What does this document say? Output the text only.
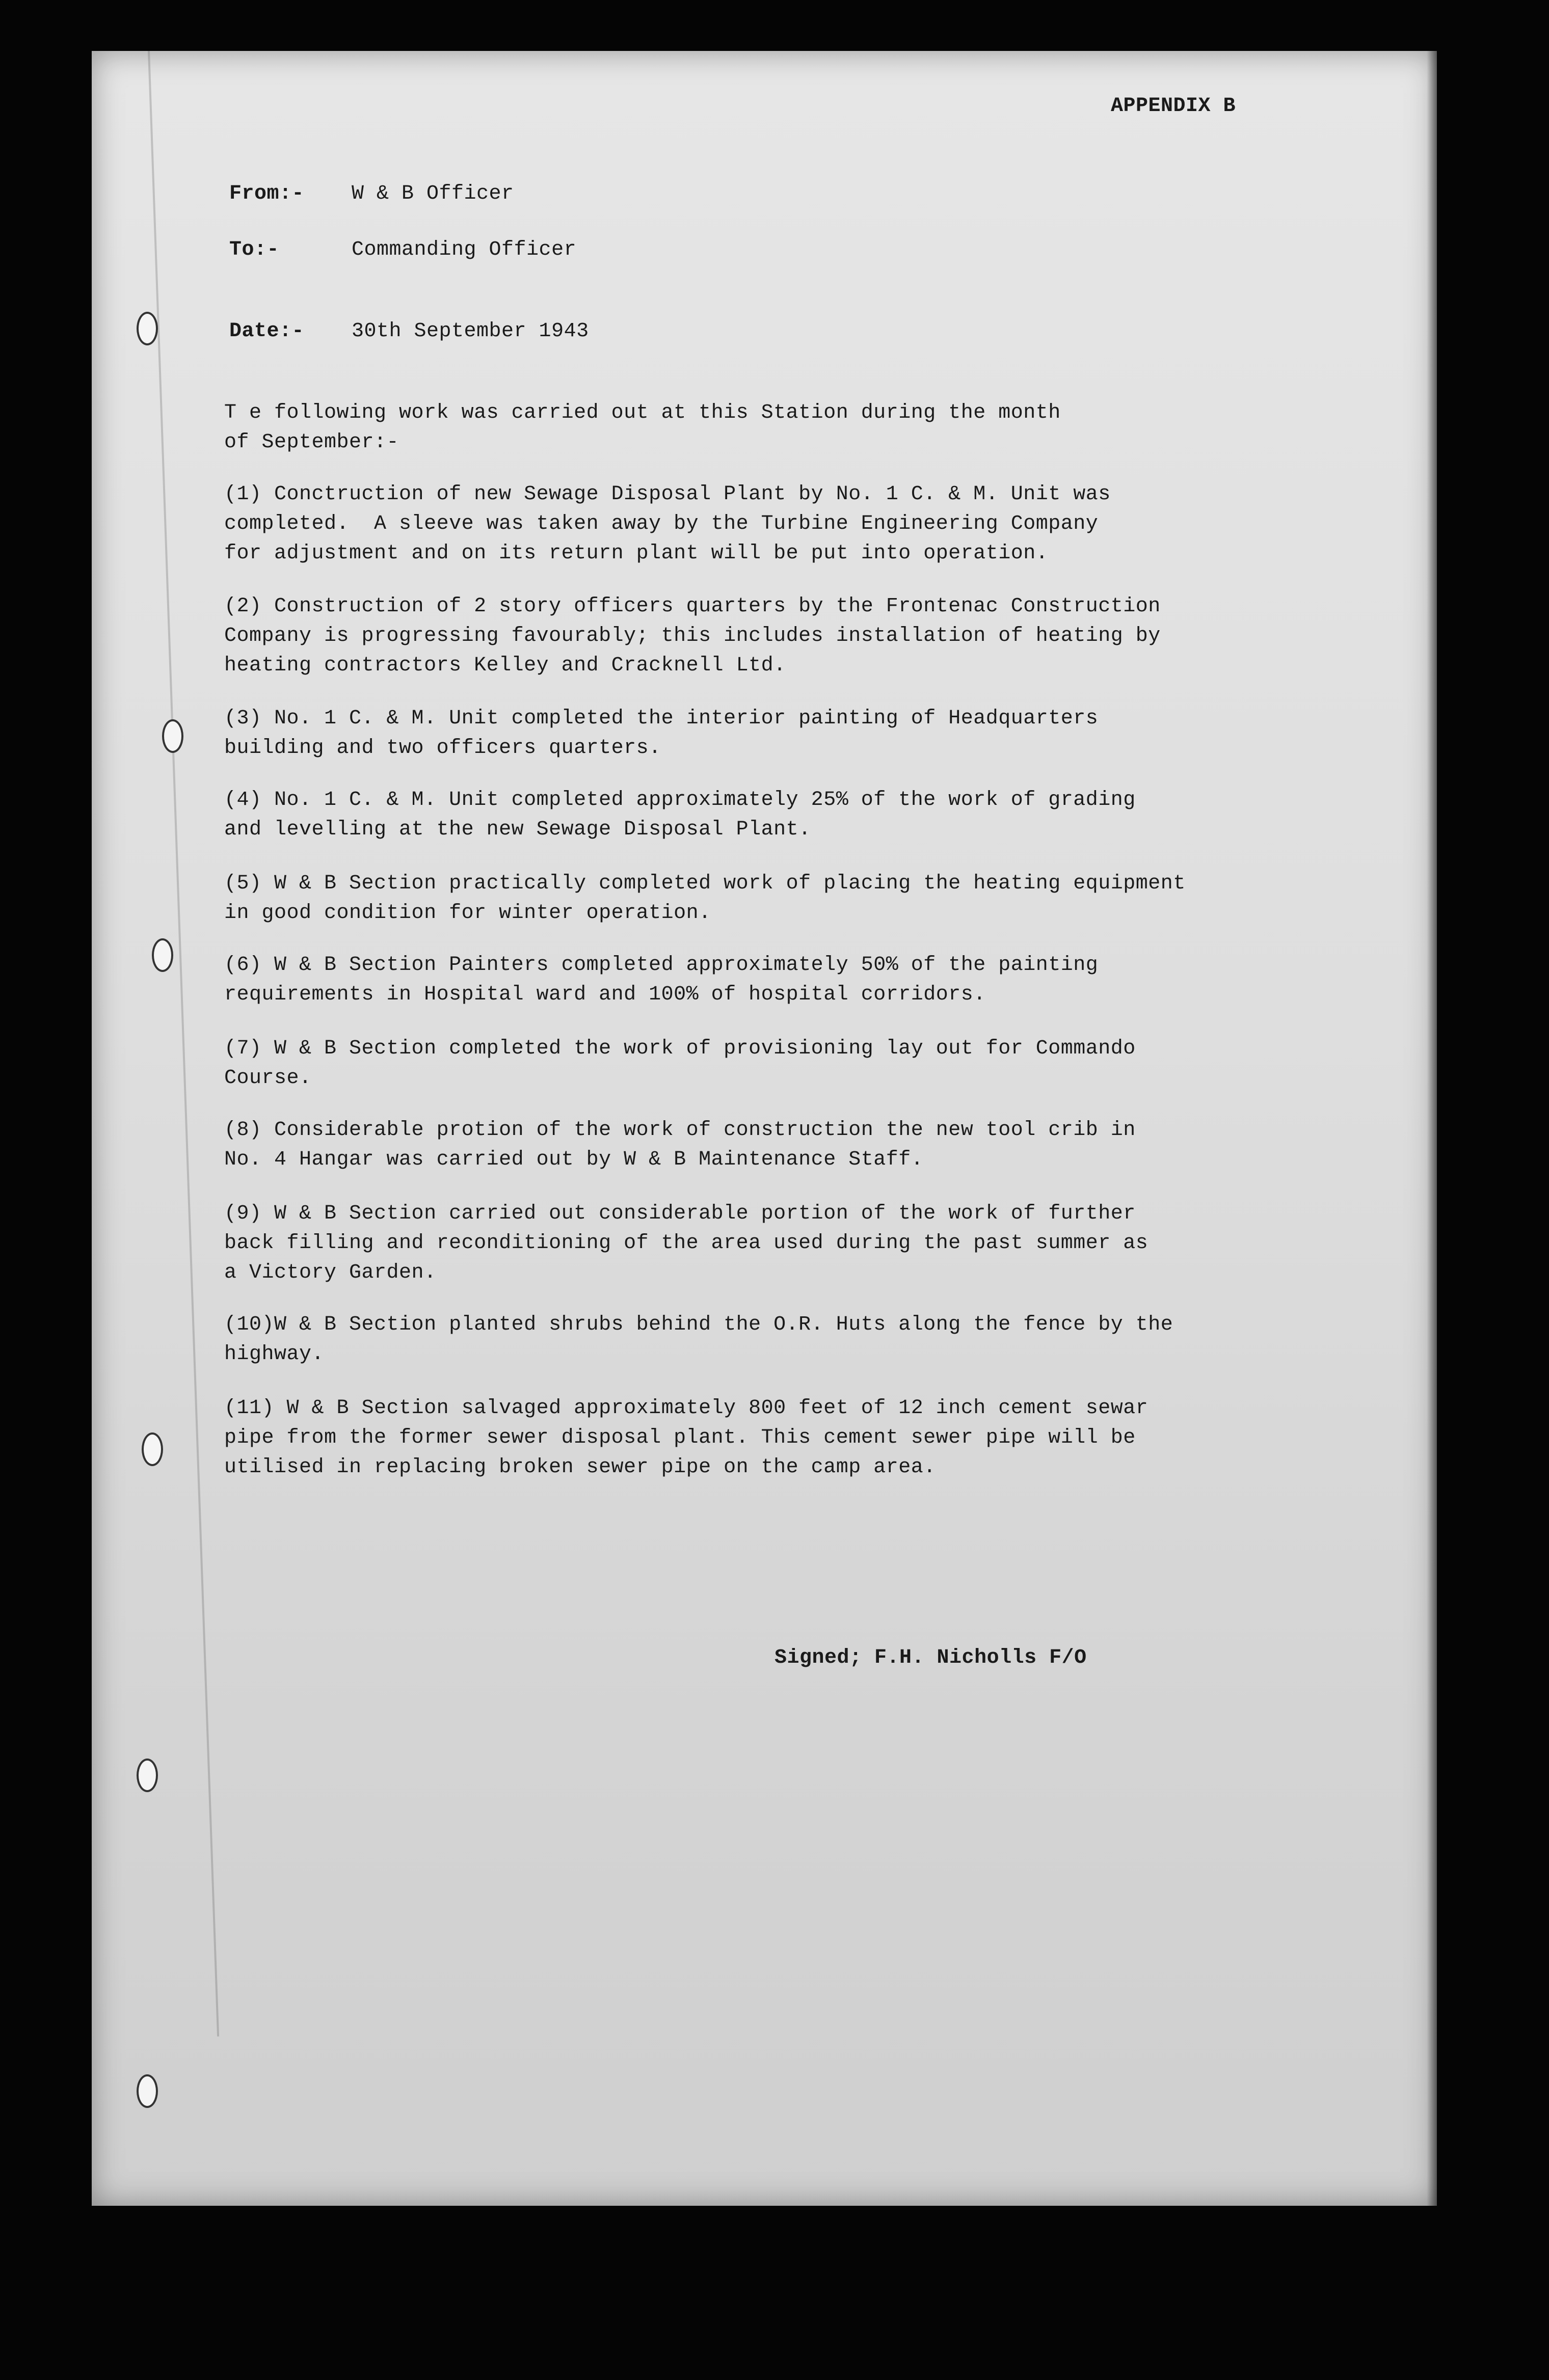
APPENDIX B
From:- W & B Officer
To:-	Commanding Officer
Date:- 30th September 1943
T e following work was carried out at this Station during the month
of September:-
(1) Conctruction of new Sewage Disposal Plant by No. 1 C. & M. Unit was
completed.  A sleeve was taken away by the Turbine Engineering Company
for adjustment and on its return plant will be put into operation.
(2) Construction of 2 story officers quarters by the Frontenac Construction
Company is progressing favourably; this includes installation of heating by
heating contractors Kelley and Cracknell Ltd.
(3) No. 1 C. & M. Unit completed the interior painting of Headquarters
building and two officers quarters.
(4) No. 1 C. & M. Unit completed approximately 25% of the work of grading
and levelling at the new Sewage Disposal Plant.
(5) W & B Section practically completed work of placing the heating equipment
in good condition for winter operation.
(6) W & B Section Painters completed approximately 50% of the painting
requirements in Hospital ward and 100% of hospital corridors.
(7) W & B Section completed the work of provisioning lay out for Commando
Course.
(8) Considerable protion of the work of construction the new tool crib in
No. 4 Hangar was carried out by W & B Maintenance Staff.
(9) W & B Section carried out considerable portion of the work of further
back filling and reconditioning of the area used during the past summer as
a Victory Garden.
(10)W & B Section planted shrubs behind the O.R. Huts along the fence by the
highway.
(11) W & B Section salvaged approximately 800 feet of 12 inch cement sewar
pipe from the former sewer disposal plant. This cement sewer pipe will be
utilised in replacing broken sewer pipe on the camp area.
Signed; F.H. Nicholls F/O
